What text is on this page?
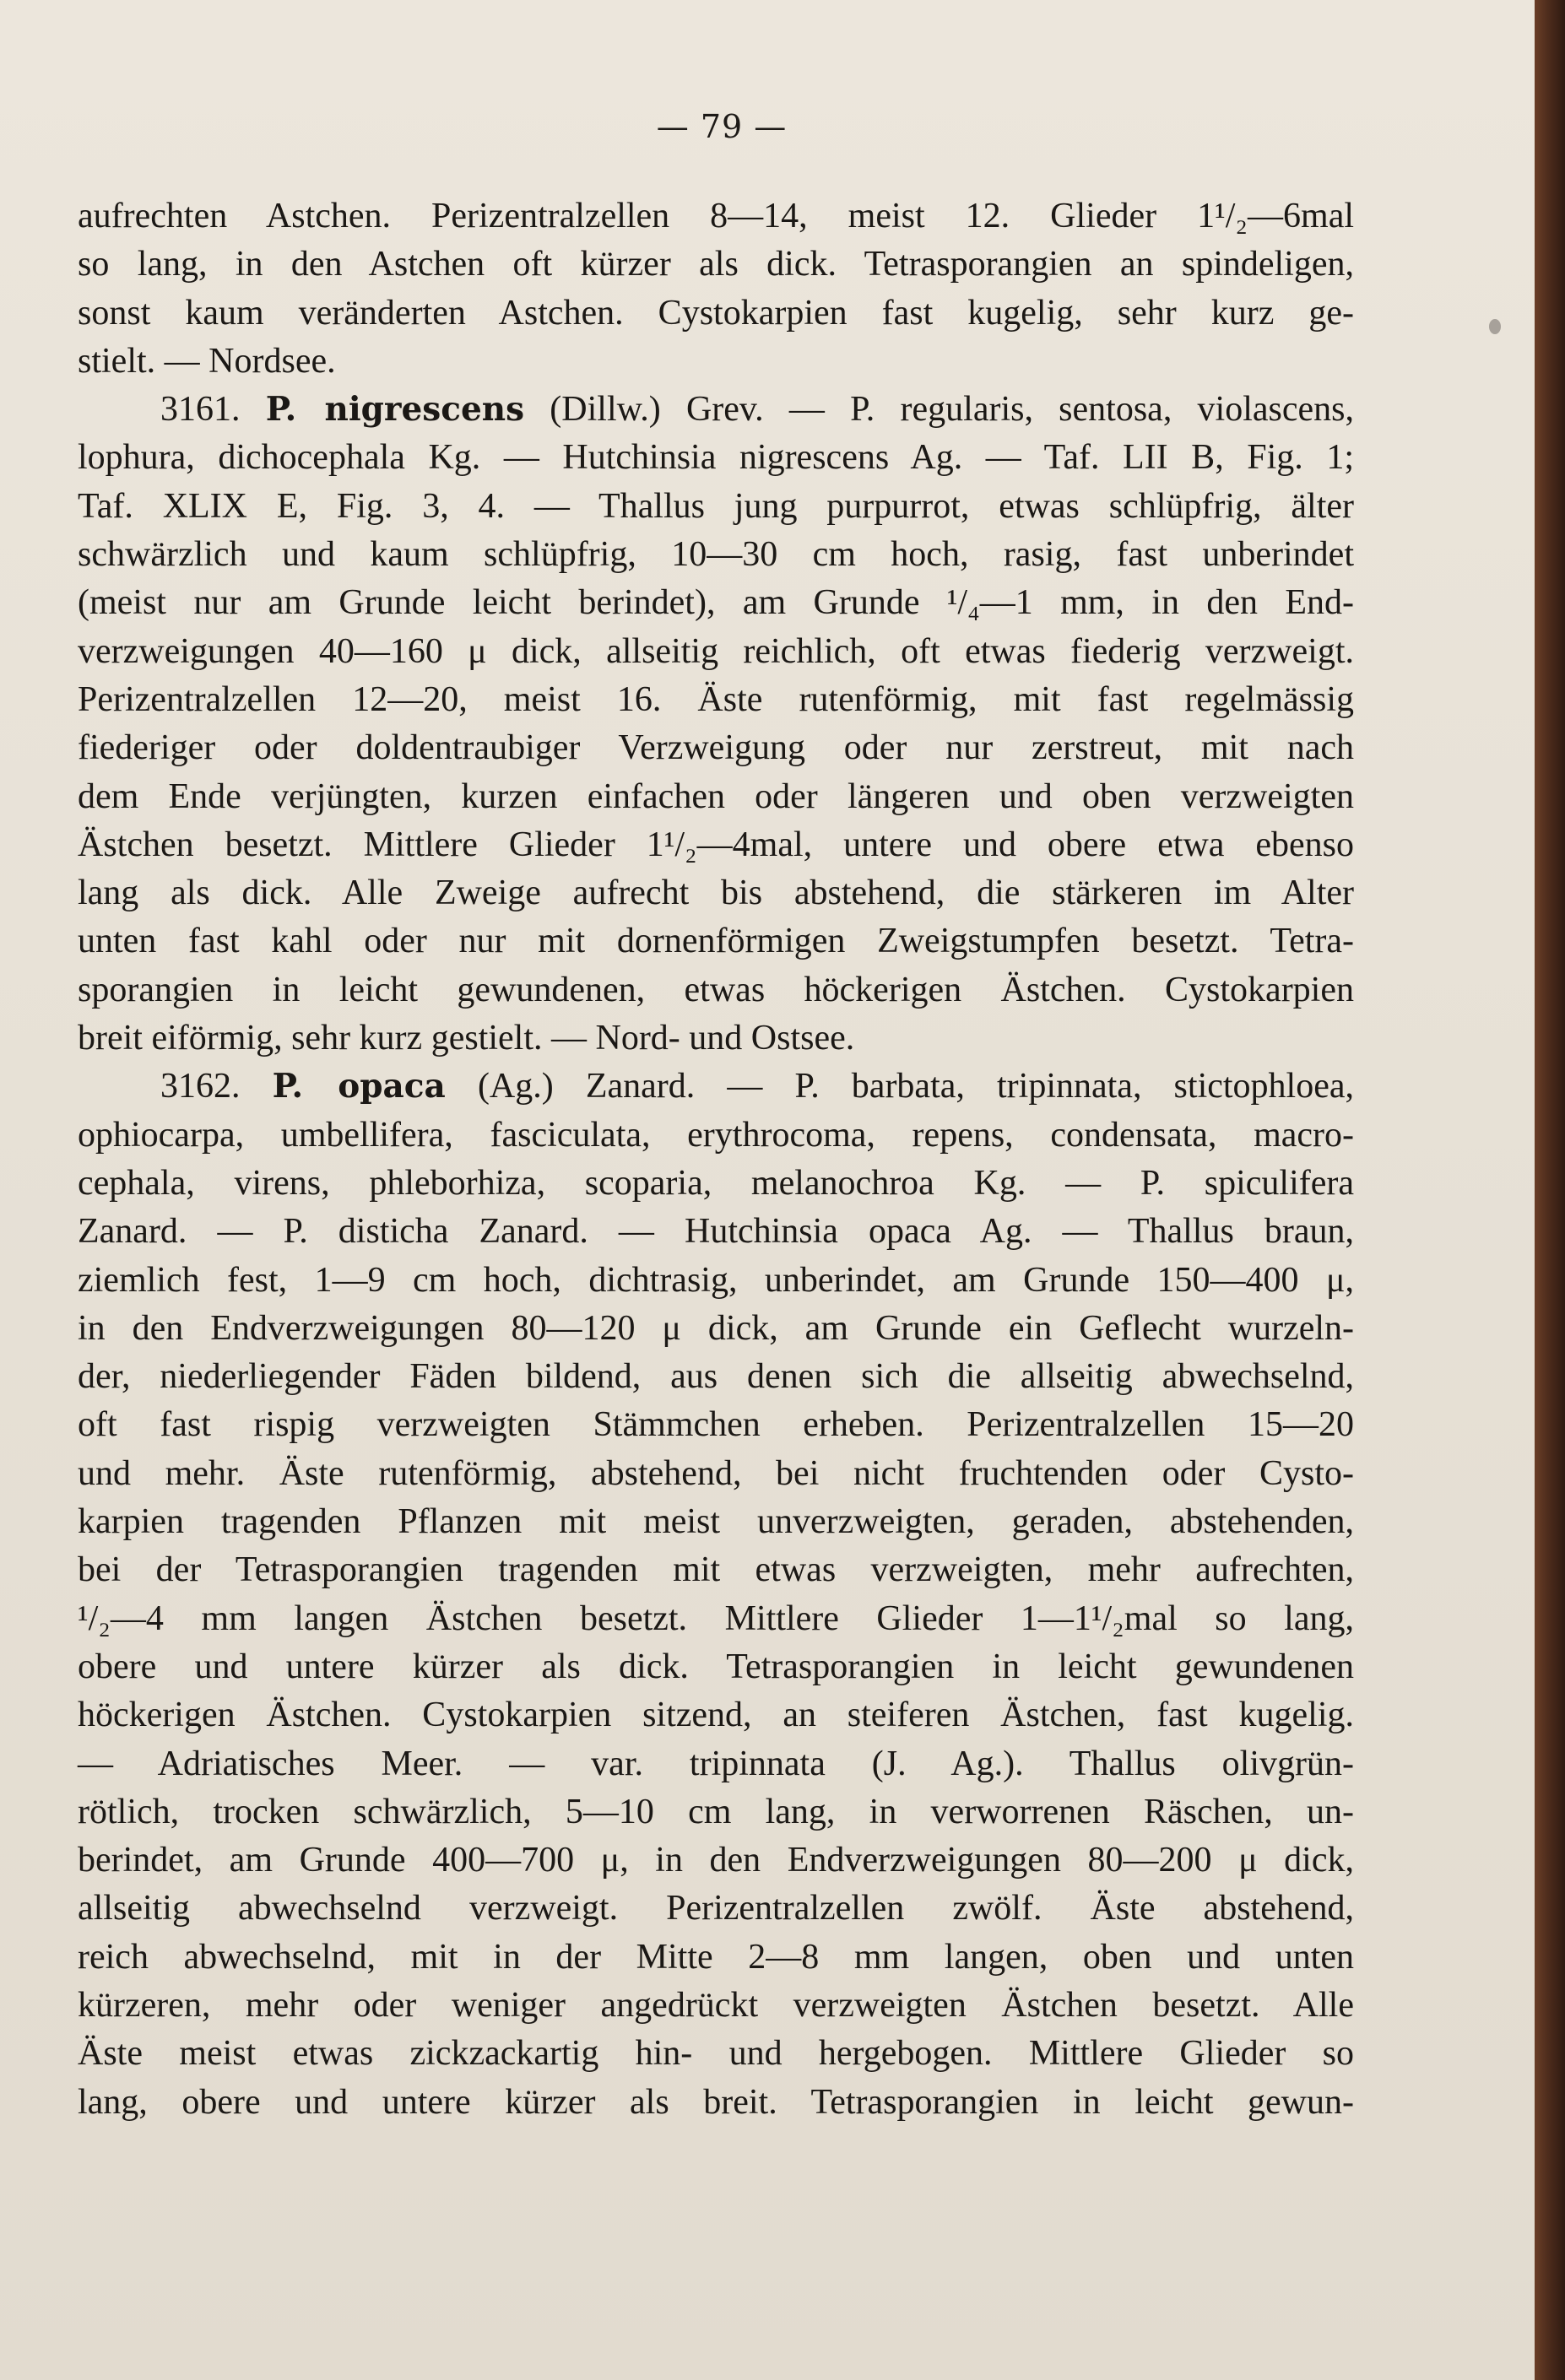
— 79 —
aufrechten Astchen. Perizentralzellen 8—14, meist 12. Glieder 1¹/₂—6mal
so lang, in den Astchen oft kürzer als dick. Tetrasporangien an spindeligen,
sonst kaum veränderten Astchen. Cystokarpien fast kugelig, sehr kurz ge-
stielt. — Nordsee.
3161. P. nigrescens (Dillw.) Grev. — P. regularis, sentosa, violascens,
lophura, dichocephala Kg. — Hutchinsia nigrescens Ag. — Taf. LII B, Fig. 1;
Taf. XLIX E, Fig. 3, 4. — Thallus jung purpurrot, etwas schlüpfrig, älter
schwärzlich und kaum schlüpfrig, 10—30 cm hoch, rasig, fast unberindet
(meist nur am Grunde leicht berindet), am Grunde ¹/₄—1 mm, in den End-
verzweigungen 40—160 μ dick, allseitig reichlich, oft etwas fiederig verzweigt.
Perizentralzellen 12—20, meist 16. Äste rutenförmig, mit fast regelmässig
fiederiger oder doldentraubiger Verzweigung oder nur zerstreut, mit nach
dem Ende verjüngten, kurzen einfachen oder längeren und oben verzweigten
Ästchen besetzt. Mittlere Glieder 1¹/₂—4mal, untere und obere etwa ebenso
lang als dick. Alle Zweige aufrecht bis abstehend, die stärkeren im Alter
unten fast kahl oder nur mit dornenförmigen Zweigstumpfen besetzt. Tetra-
sporangien in leicht gewundenen, etwas höckerigen Ästchen. Cystokarpien
breit eiförmig, sehr kurz gestielt. — Nord- und Ostsee.
3162. P. opaca (Ag.) Zanard. — P. barbata, tripinnata, stictophloea,
ophiocarpa, umbellifera, fasciculata, erythrocoma, repens, condensata, macro-
cephala, virens, phleborhiza, scoparia, melanochroa Kg. — P. spiculifera
Zanard. — P. disticha Zanard. — Hutchinsia opaca Ag. — Thallus braun,
ziemlich fest, 1—9 cm hoch, dichtrasig, unberindet, am Grunde 150—400 μ,
in den Endverzweigungen 80—120 μ dick, am Grunde ein Geflecht wurzeln-
der, niederliegender Fäden bildend, aus denen sich die allseitig abwechselnd,
oft fast rispig verzweigten Stämmchen erheben. Perizentralzellen 15—20
und mehr. Äste rutenförmig, abstehend, bei nicht fruchtenden oder Cysto-
karpien tragenden Pflanzen mit meist unverzweigten, geraden, abstehenden,
bei der Tetrasporangien tragenden mit etwas verzweigten, mehr aufrechten,
¹/₂—4 mm langen Ästchen besetzt. Mittlere Glieder 1—1¹/₂mal so lang,
obere und untere kürzer als dick. Tetrasporangien in leicht gewundenen
höckerigen Ästchen. Cystokarpien sitzend, an steiferen Ästchen, fast kugelig.
— Adriatisches Meer. — var. tripinnata (J. Ag.). Thallus olivgrün-
rötlich, trocken schwärzlich, 5—10 cm lang, in verworrenen Räschen, un-
berindet, am Grunde 400—700 μ, in den Endverzweigungen 80—200 μ dick,
allseitig abwechselnd verzweigt. Perizentralzellen zwölf. Äste abstehend,
reich abwechselnd, mit in der Mitte 2—8 mm langen, oben und unten
kürzeren, mehr oder weniger angedrückt verzweigten Ästchen besetzt. Alle
Äste meist etwas zickzackartig hin- und hergebogen. Mittlere Glieder so
lang, obere und untere kürzer als breit. Tetrasporangien in leicht gewun-
